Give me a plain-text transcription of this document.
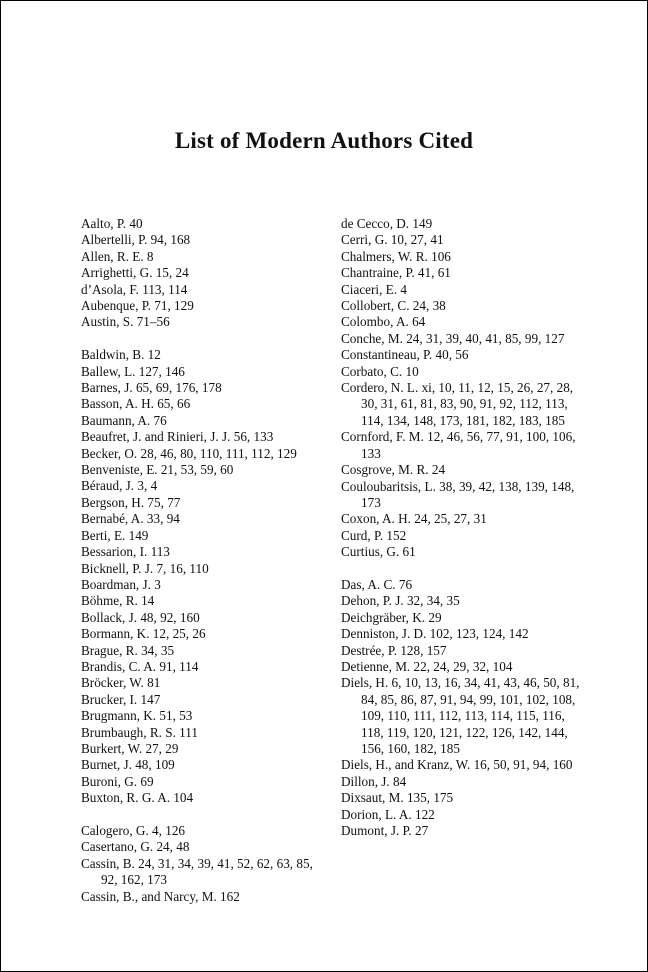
List of Modern Authors Cited
Aalto, P. 40
Albertelli, P. 94, 168
Allen, R. E. 8
Arrighetti, G. 15, 24
d’Asola, F. 113, 114
Aubenque, P. 71, 129
Austin, S. 71–56
Baldwin, B. 12
Ballew, L. 127, 146
Barnes, J. 65, 69, 176, 178
Basson, A. H. 65, 66
Baumann, A. 76
Beaufret, J. and Rinieri, J. J. 56, 133
Becker, O. 28, 46, 80, 110, 111, 112, 129
Benveniste, E. 21, 53, 59, 60
Béraud, J. 3, 4
Bergson, H. 75, 77
Bernabé, A. 33, 94
Berti, E. 149
Bessarion, I. 113
Bicknell, P. J. 7, 16, 110
Boardman, J. 3
Böhme, R. 14
Bollack, J. 48, 92, 160
Bormann, K. 12, 25, 26
Brague, R. 34, 35
Brandis, C. A. 91, 114
Bröcker, W. 81
Brucker, I. 147
Brugmann, K. 51, 53
Brumbaugh, R. S. 111
Burkert, W. 27, 29
Burnet, J. 48, 109
Buroni, G. 69
Buxton, R. G. A. 104
Calogero, G. 4, 126
Casertano, G. 24, 48
Cassin, B. 24, 31, 34, 39, 41, 52, 62, 63, 85, 92, 162, 173
Cassin, B., and Narcy, M. 162
de Cecco, D. 149
Cerri, G. 10, 27, 41
Chalmers, W. R. 106
Chantraine, P. 41, 61
Ciaceri, E. 4
Collobert, C. 24, 38
Colombo, A. 64
Conche, M. 24, 31, 39, 40, 41, 85, 99, 127
Constantineau, P. 40, 56
Corbato, C. 10
Cordero, N. L. xi, 10, 11, 12, 15, 26, 27, 28, 30, 31, 61, 81, 83, 90, 91, 92, 112, 113, 114, 134, 148, 173, 181, 182, 183, 185
Cornford, F. M. 12, 46, 56, 77, 91, 100, 106, 133
Cosgrove, M. R. 24
Couloubaritsis, L. 38, 39, 42, 138, 139, 148, 173
Coxon, A. H. 24, 25, 27, 31
Curd, P. 152
Curtius, G. 61
Das, A. C. 76
Dehon, P. J. 32, 34, 35
Deichgräber, K. 29
Denniston, J. D. 102, 123, 124, 142
Destrée, P. 128, 157
Detienne, M. 22, 24, 29, 32, 104
Diels, H. 6, 10, 13, 16, 34, 41, 43, 46, 50, 81, 84, 85, 86, 87, 91, 94, 99, 101, 102, 108, 109, 110, 111, 112, 113, 114, 115, 116, 118, 119, 120, 121, 122, 126, 142, 144, 156, 160, 182, 185
Diels, H., and Kranz, W. 16, 50, 91, 94, 160
Dillon, J. 84
Dixsaut, M. 135, 175
Dorion, L. A. 122
Dumont, J. P. 27
